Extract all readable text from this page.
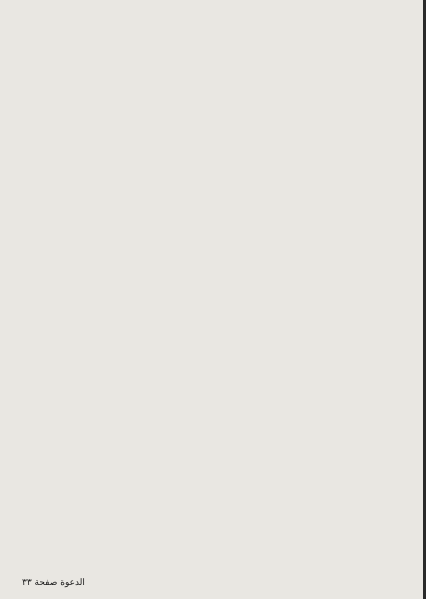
الدعوة صفحة ٣٣
